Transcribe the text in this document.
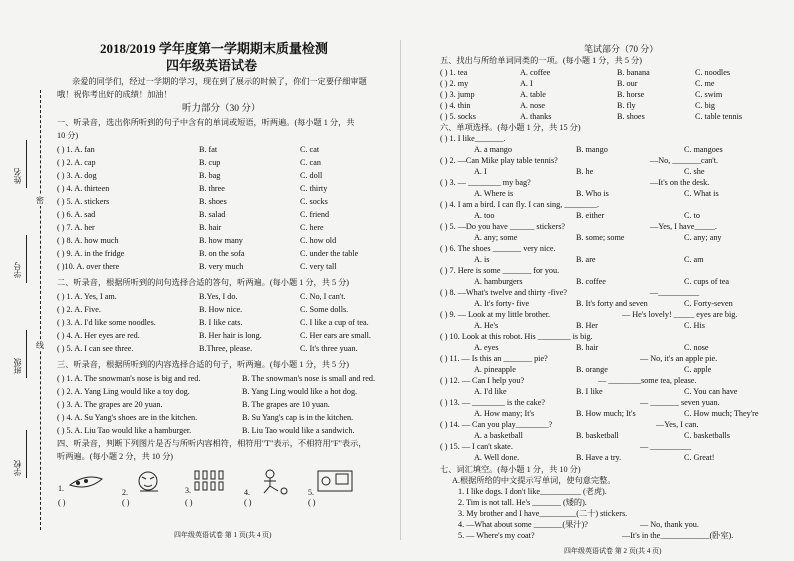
姓名
学号
班级
学校
密
线
2018/2019 学年度第一学期期末质量检测
四年级英语试卷
亲爱的同学们，经过一学期的学习，现在到了展示的时候了，你们一定要仔细审题
哦！祝你考出好的成绩！加油！
听力部分（30 分）
一、听录音，选出你所听到的句子中含有的单词或短语，听两遍。(每小题 1 分，共
10 分)
( ) 1. A. fan	B. fat	C. cat
( ) 2. A. cap	B. cup	C. can
( ) 3. A. dog	B. bag	C. doll
( ) 4. A. thirteen	B. three	C. thirty
( ) 5. A. stickers	B. shoes	C. socks
( ) 6. A. sad	B. salad	C. friend
( ) 7. A. her	B. hair	C. here
( ) 8. A. how much	B. how many	C. how old
( ) 9. A. in the fridge	B. on the sofa	C. under the table
( )10. A. over there	B. very much	C. very tall
二、听录音，根据所听到的问句选择合适的答句，听两遍。(每小题 1 分，共 5 分)
( ) 1. A. Yes, I am.	B.Yes, I do.	C. No, I can't.
( ) 2. A. Five.	B. How nice.	C. Some dolls.
( ) 3. A. I'd like some noodles.	B. I like cats.	C. I like a cup of tea.
( ) 4. A. Her eyes are red.	B. Her hair is long.	C. Her ears are small.
( ) 5. A. I can see three.	B.Three, please.	C. It's three yuan.
三、听录音，根据所听到的内容选择合适的句子，听两遍。(每小题 1 分，共 5 分)
( ) 1. A. The snowman's nose is big and red.	B. The snowman's nose is small and red.
( ) 2. A. Yang Ling would like a toy dog.	B. Yang Ling would like a hot dog.
( ) 3. A. The grapes are 20 yuan.	B. The grapes are 10 yuan.
( ) 4. A. Su Yang's shoes are in the kitchen.	B. Su Yang's cap is in the kitchen.
( ) 5. A. Liu Tao would like a hamburger.	B. Liu Tao would like a sandwich.
四、听录音，判断下列图片是否与所听内容相符，相符用"T"表示，不相符用"F"表示，
听两遍。(每小题 2 分，共 10 分)
1.	2.	3.	4.	5.
( )	( )	( )	( )	( )
四年级英语试卷 第 1 页(共 4 页)
笔试部分（70 分）
五、找出与所给单词同类的一项。(每小题 1 分，共 5 分)
( ) 1. tea	A. coffee	B. banana	C. noodles
( ) 2. my	A. I	B. our	C. me
( ) 3. jump	A. table	B. horse	C. swim
( ) 4. thin	A. nose	B. fly	C. big
( ) 5. socks	A. thanks	B. shoes	C. table tennis
六、单项选择。(每小题 1 分，共 15 分)
( ) 1. I like_______.
A. a mango	B. mango	C. mangoes
( ) 2. —Can Mike play table tennis?	—No, _______can't.
A. I	B. he	C. she
( ) 3. — ________ my bag?	—It's on the desk.
A. Where is	B. Who is	C. What is
( ) 4. I am a bird. I can fly. I can sing, ________.
A. too	B. either	C. to
( ) 5. —Do you have ______ stickers?	—Yes, I have_____.
A. any; some	B. some; some	C. any; any
( ) 6. The shoes _______ very nice.
A. is	B. are	C. am
( ) 7. Here is some _______ for you.
A. hamburgers	B. coffee	C. cups of tea
( ) 8. —What's twelve and thirty -five?	—__________
A. It's forty- five	B. It's forty and seven	C. Forty-seven
( ) 9. — Look at my little brother.	— He's lovely! _____ eyes are big.
A. He's	B. Her	C. His
( ) 10. Look at this robot. His ________ is big.
A. eyes	B. hair	C. nose
( ) 11. — Is this an _______ pie?	— No, it's an apple pie.
A. pineapple	B. orange	C. apple
( ) 12. — Can I help you?	— ________some tea, please.
A. I'd like	B. I like	C. You can have
( ) 13. — ________ is the cake?	— _______ seven yuan.
A. How many; It's	B. How much; It's	C. How much; They're
( ) 14. — Can you play________?	—Yes, I can.
A. a basketball	B. basketball	C. basketballs
( ) 15. — I can't skate.	— __________
A. Well done.	B. Have a try.	C. Great!
七、词汇填空。(每小题 1 分，共 10 分)
A.根据所给的中文提示写单词，使句意完整。
1. I like dogs. I don't like__________ (老虎).
2. Tim is not tall. He's _______ (矮的).
3. My brother and I have_________(二十) stickers.
4. —What about some _______(果汁)?	— No, thank you.
5. — Where's my coat?	—It's in the____________(卧室).
四年级英语试卷 第 2 页(共 4 页)
